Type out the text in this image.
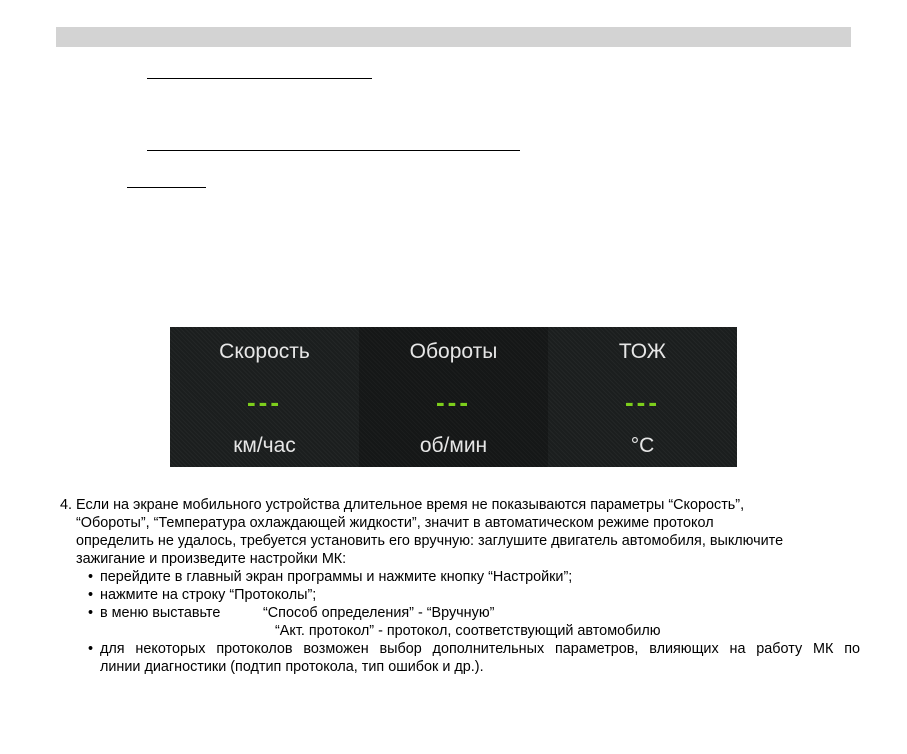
Скорость
---
км/час
Обороты
---
об/мин
ТОЖ
---
°C

4. Если на экране мобильного устройства длительное время не показываются параметры “Скорость”,

“Обороты”, “Температура охлаждающей жидкости”, значит в автоматическом режиме протокол

определить не удалось, требуется установить его вручную: заглушите двигатель автомобиля, выключите

зажигание и произведите настройки МК:

• перейдите в главный экран программы и нажмите кнопку “Настройки”;
• нажмите на строку “Протоколы”;
• в меню выставьте	“Способ определения” - “Вручную”
“Акт. протокол” - протокол, соответствующий автомобилю
• для некоторых протоколов возможен выбор дополнительных параметров, влияющих на работу МК по
линии диагностики (подтип протокола, тип ошибок и др.).
